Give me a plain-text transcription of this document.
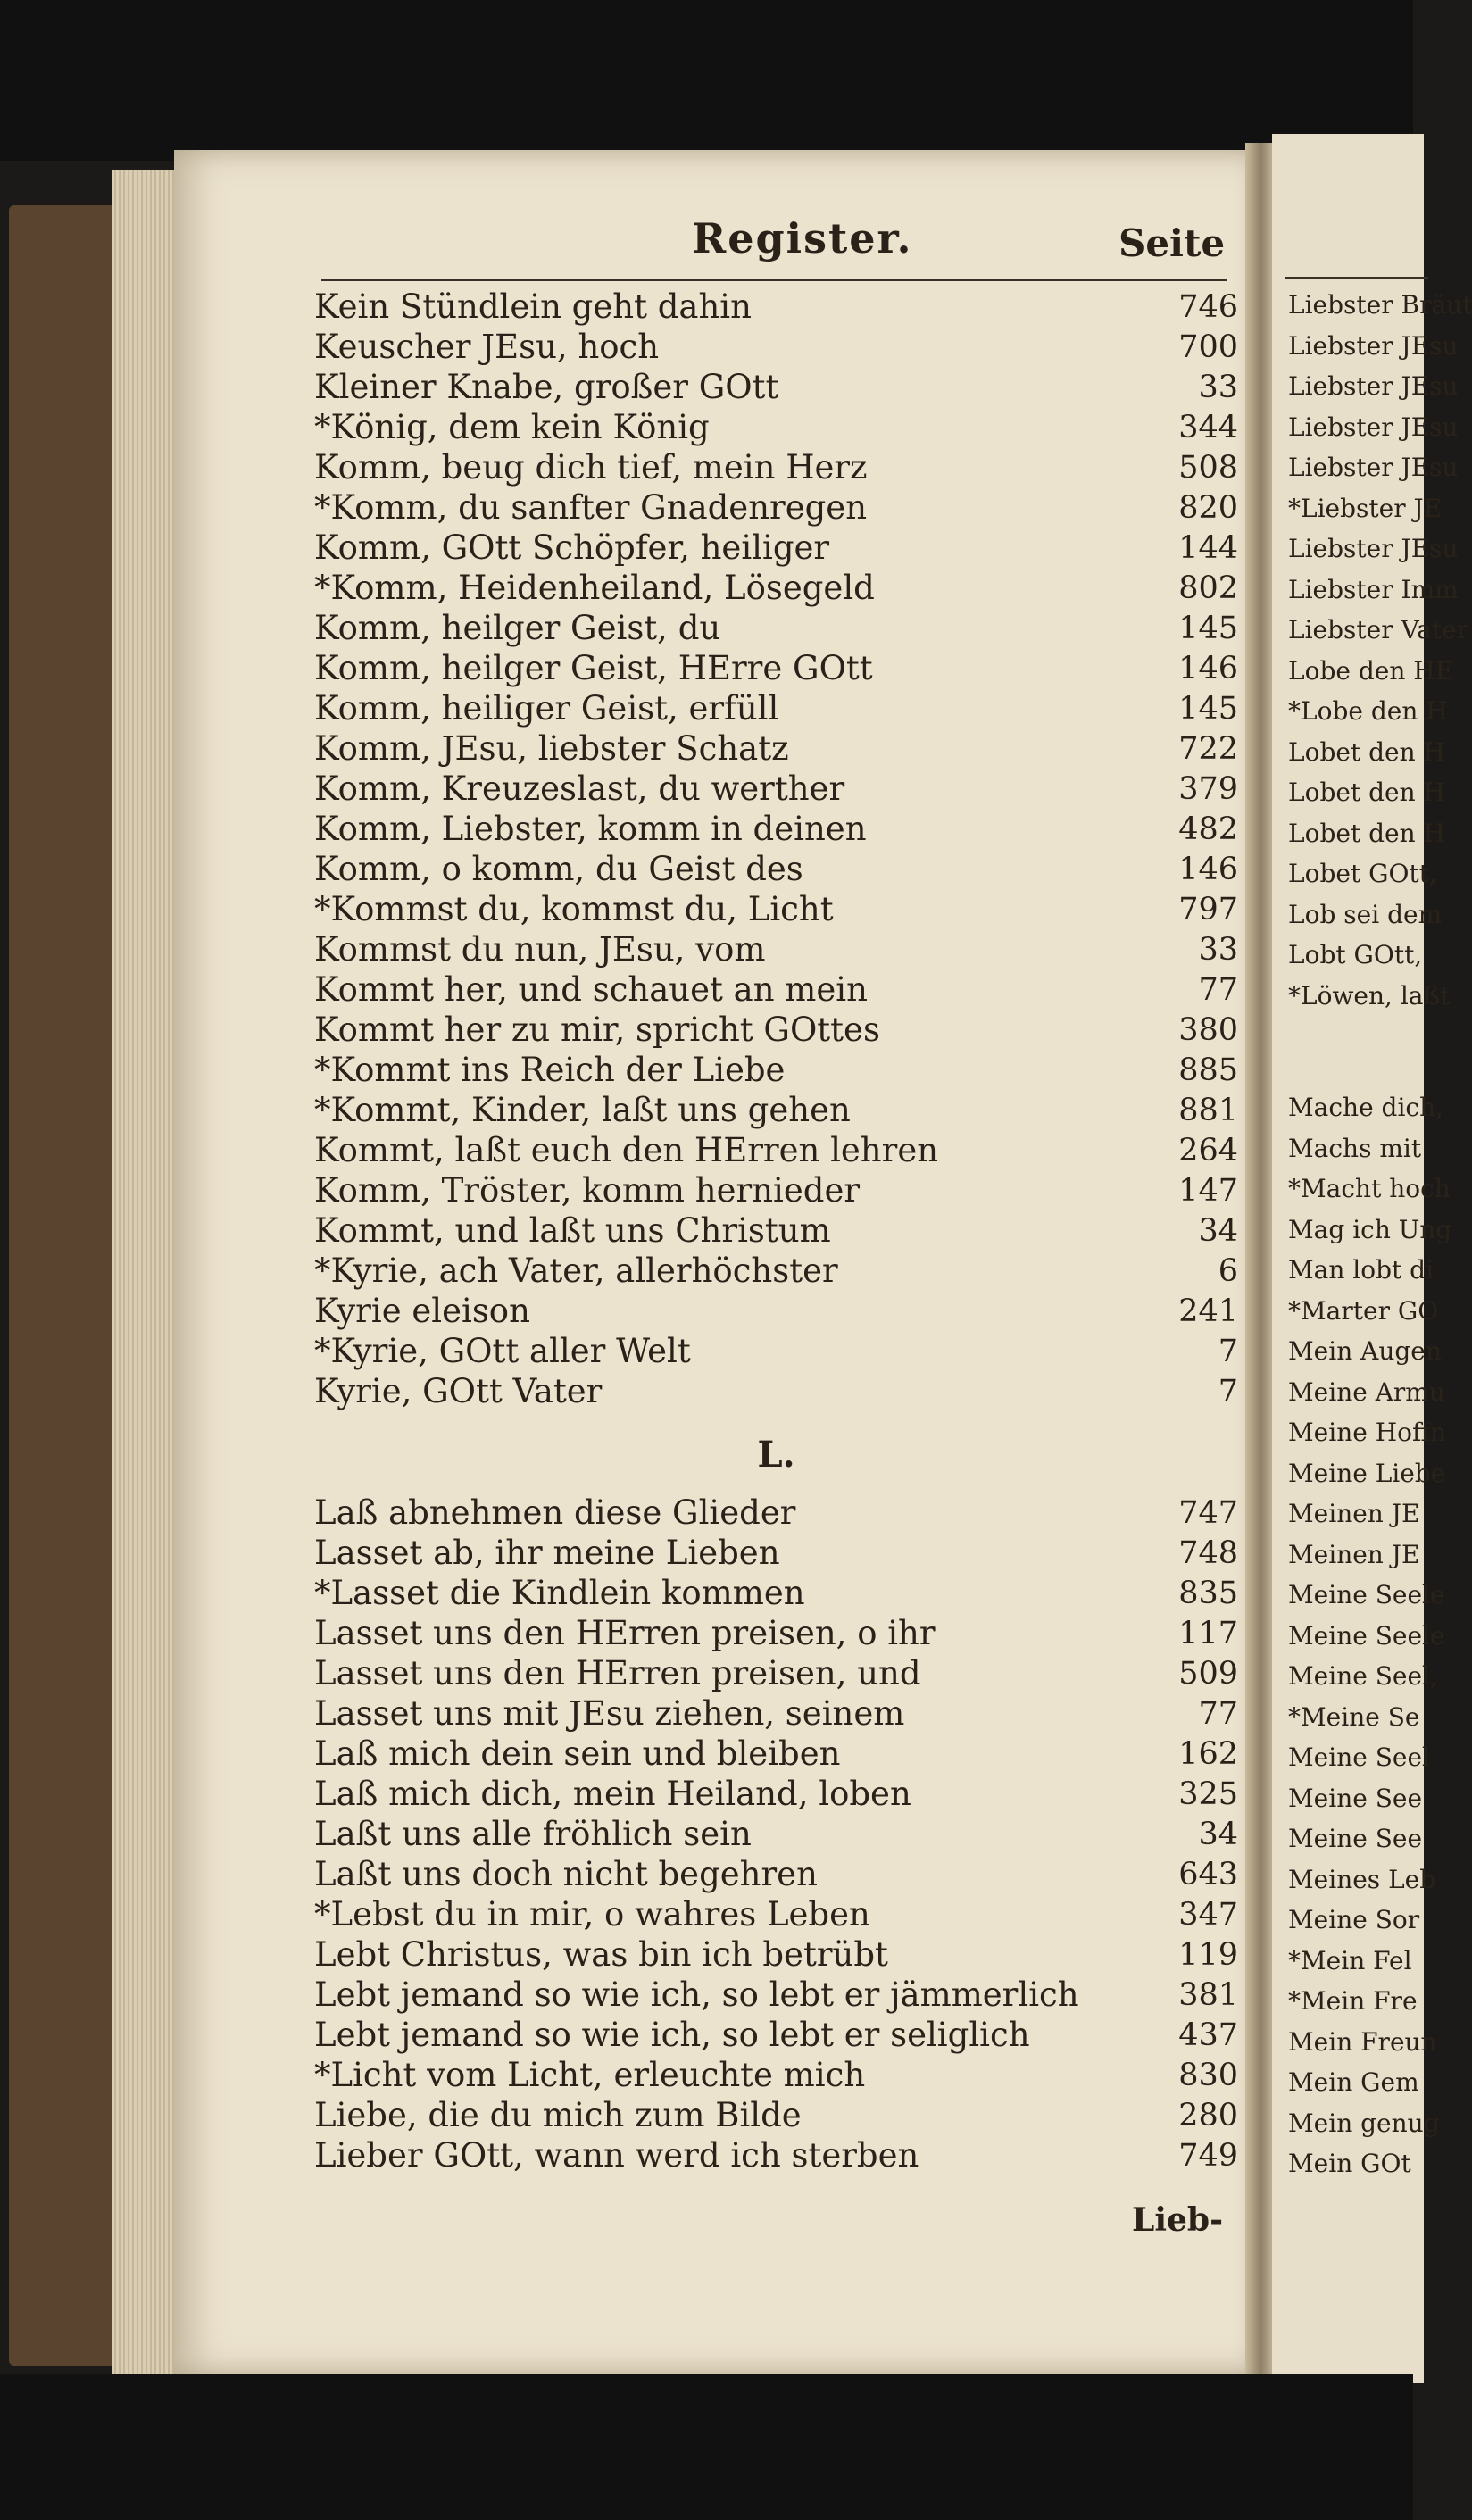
Register.	Seite
Kein Stündlein geht dahin	746
Keuscher JEsu, hoch	700
Kleiner Knabe, großer GOtt	33
*König, dem kein König	344
Komm, beug dich tief, mein Herz	508
*Komm, du sanfter Gnadenregen	820
Komm, GOtt Schöpfer, heiliger	144
*Komm, Heidenheiland, Lösegeld	802
Komm, heilger Geist, du	145
Komm, heilger Geist, HErre GOtt	146
Komm, heiliger Geist, erfüll	145
Komm, JEsu, liebster Schatz	722
Komm, Kreuzeslast, du werther	379
Komm, Liebster, komm in deinen	482
Komm, o komm, du Geist des	146
*Kommst du, kommst du, Licht	797
Kommst du nun, JEsu, vom	33
Kommt her, und schauet an mein	77
Kommt her zu mir, spricht GOttes	380
*Kommt ins Reich der Liebe	885
*Kommt, Kinder, laßt uns gehen	881
Kommt, laßt euch den HErren lehren	264
Komm, Tröster, komm hernieder	147
Kommt, und laßt uns Christum	34
*Kyrie, ach Vater, allerhöchster	6
Kyrie eleison	241
*Kyrie, GOtt aller Welt	7
Kyrie, GOtt Vater	7
L.
Laß abnehmen diese Glieder	747
Lasset ab, ihr meine Lieben	748
*Lasset die Kindlein kommen	835
Lasset uns den HErren preisen, o ihr	117
Lasset uns den HErren preisen, und	509
Lasset uns mit JEsu ziehen, seinem	77
Laß mich dein sein und bleiben	162
Laß mich dich, mein Heiland, loben	325
Laßt uns alle fröhlich sein	34
Laßt uns doch nicht begehren	643
*Lebst du in mir, o wahres Leben	347
Lebt Christus, was bin ich betrübt	119
Lebt jemand so wie ich, so lebt er jämmerlich	381
Lebt jemand so wie ich, so lebt er seliglich	437
*Licht vom Licht, erleuchte mich	830
Liebe, die du mich zum Bilde	280
Lieber GOtt, wann werd ich sterben	749
Lieb-
Liebster Bräut
Liebster JEsu
Liebster JEsu
Liebster JEsu
Liebster JEsu
*Liebster JE
Liebster JEsu
Liebster Imm
Liebster Vater
Lobe den HE
*Lobe den H
Lobet den H
Lobet den H
Lobet den H
Lobet GOtt,
Lob sei dem
Lobt GOtt,
*Löwen, laßt
Mache dich,
Machs mit
*Macht hoch
Mag ich Ung
Man lobt di
*Marter GO
Mein Augen
Meine Armu
Meine Hoffn
Meine Liebe
Meinen JE
Meinen JE
Meine Seele
Meine Seele
Meine Seel,
*Meine Se
Meine Seel
Meine See
Meine See
Meines Leb
Meine Sor
*Mein Fel
*Mein Fre
Mein Freun
Mein Gem
Mein genug
Mein GOt
